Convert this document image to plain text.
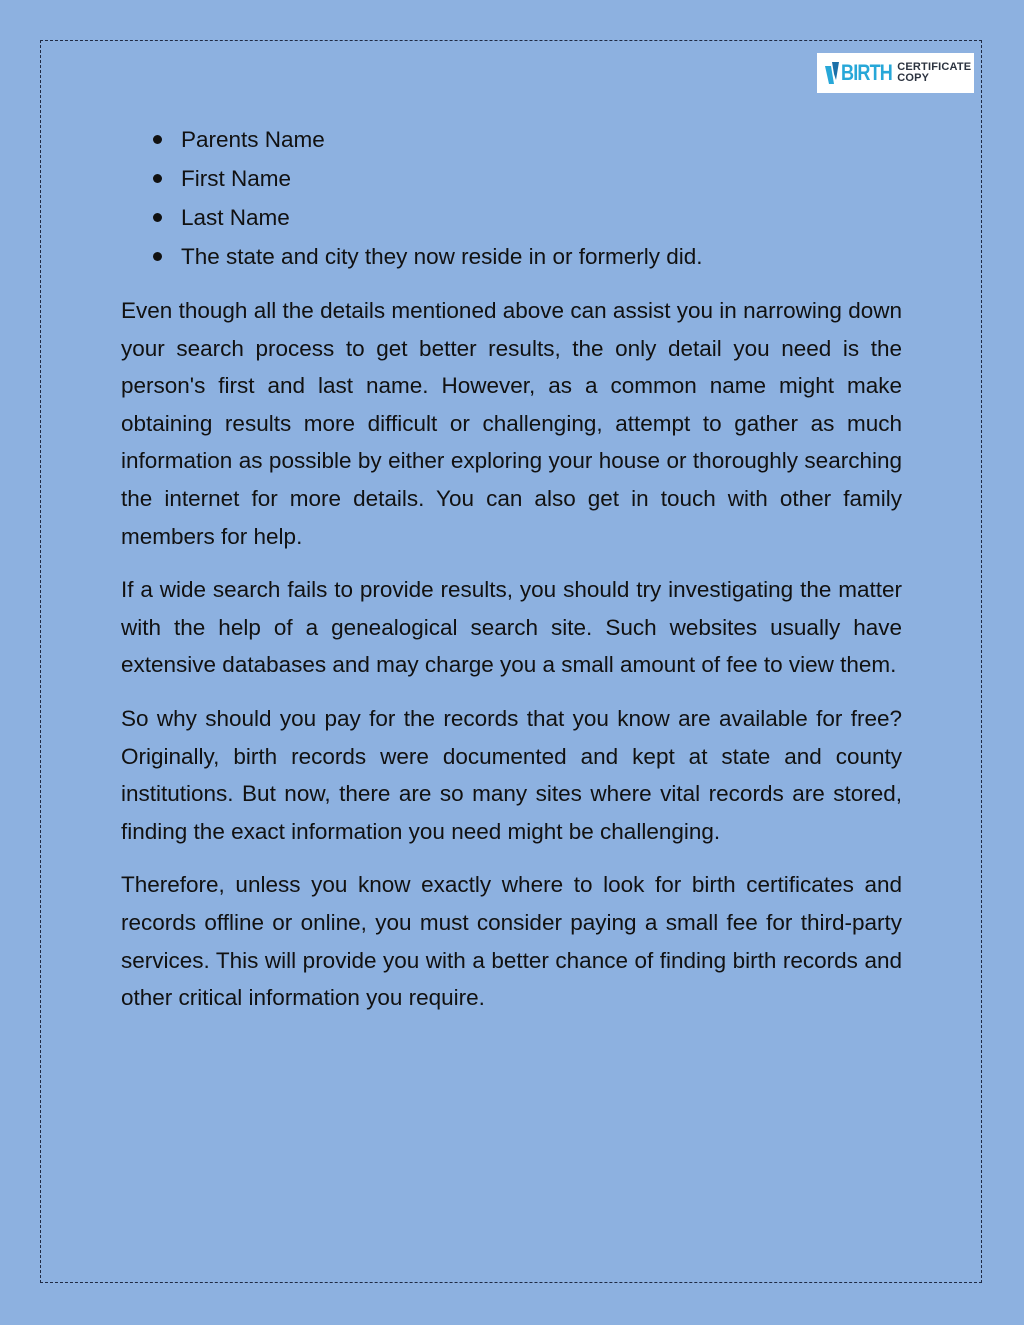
BIRTH CERTIFICATE
COPY
Parents Name
First Name
Last Name
The state and city they now reside in or formerly did.

Even though all the details mentioned above can assist you in narrowing down your search process to get better results, the only detail you need is the person's first and last name. However, as a common name might make obtaining results more difficult or challenging, attempt to gather as much information as possible by either exploring your house or thoroughly searching the internet for more details. You can also get in touch with other family members for help.

If a wide search fails to provide results, you should try investigating the matter with the help of a genealogical search site. Such websites usually have extensive databases and may charge you a small amount of fee to view them.

So why should you pay for the records that you know are available for free? Originally, birth records were documented and kept at state and county institutions. But now, there are so many sites where vital records are stored, finding the exact information you need might be challenging.

Therefore, unless you know exactly where to look for birth certificates and records offline or online, you must consider paying a small fee for third-party services. This will provide you with a better chance of finding birth records and other critical information you require.
